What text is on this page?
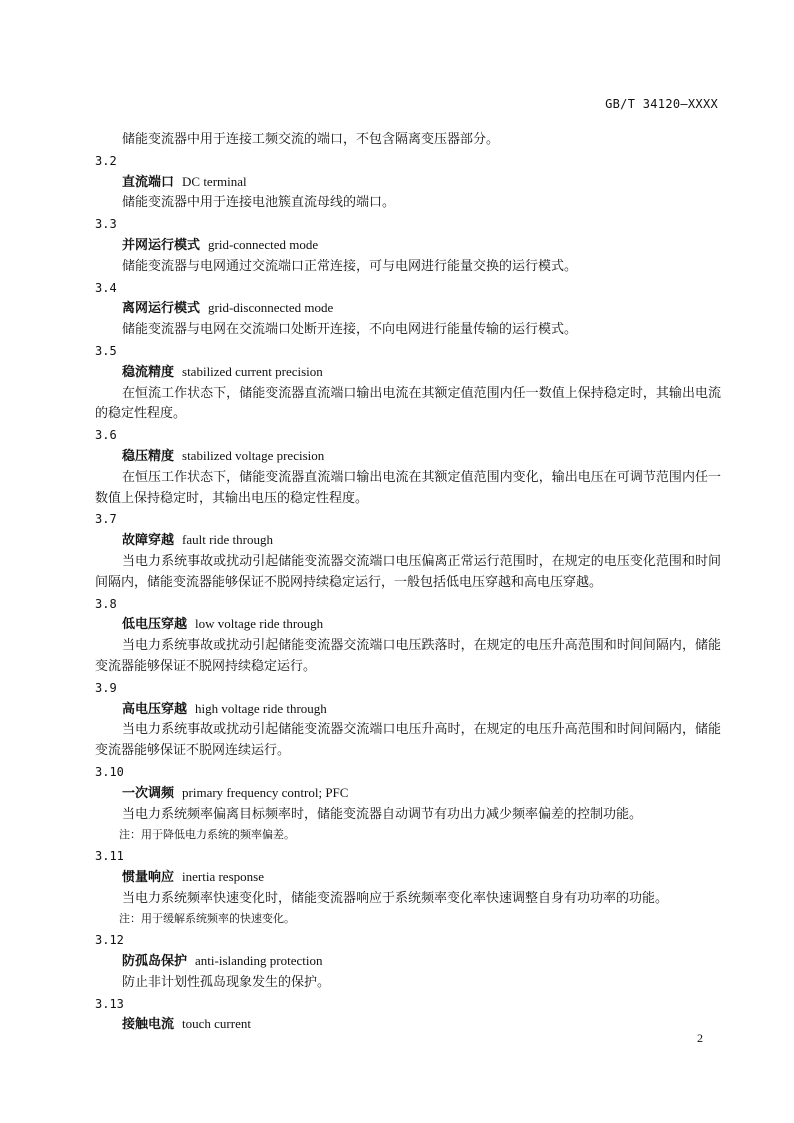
GB/T 34120—XXXX
储能变流器中用于连接工频交流的端口，不包含隔离变压器部分。
3.2
直流端口 DC terminal
储能变流器中用于连接电池簇直流母线的端口。
3.3
并网运行模式 grid-connected mode
储能变流器与电网通过交流端口正常连接，可与电网进行能量交换的运行模式。
3.4
离网运行模式 grid-disconnected mode
储能变流器与电网在交流端口处断开连接，不向电网进行能量传输的运行模式。
3.5
稳流精度 stabilized current precision
在恒流工作状态下，储能变流器直流端口输出电流在其额定值范围内任一数值上保持稳定时，其输出电流的稳定性程度。
3.6
稳压精度 stabilized voltage precision
在恒压工作状态下，储能变流器直流端口输出电流在其额定值范围内变化，输出电压在可调节范围内任一数值上保持稳定时，其输出电压的稳定性程度。
3.7
故障穿越 fault ride through
当电力系统事故或扰动引起储能变流器交流端口电压偏离正常运行范围时，在规定的电压变化范围和时间间隔内，储能变流器能够保证不脱网持续稳定运行，一般包括低电压穿越和高电压穿越。
3.8
低电压穿越 low voltage ride through
当电力系统事故或扰动引起储能变流器交流端口电压跌落时，在规定的电压升高范围和时间间隔内，储能变流器能够保证不脱网持续稳定运行。
3.9
高电压穿越 high voltage ride through
当电力系统事故或扰动引起储能变流器交流端口电压升高时，在规定的电压升高范围和时间间隔内，储能变流器能够保证不脱网连续运行。
3.10
一次调频 primary frequency control; PFC
当电力系统频率偏离目标频率时，储能变流器自动调节有功出力减少频率偏差的控制功能。
注：用于降低电力系统的频率偏差。
3.11
惯量响应 inertia response
当电力系统频率快速变化时，储能变流器响应于系统频率变化率快速调整自身有功功率的功能。
注：用于缓解系统频率的快速变化。
3.12
防孤岛保护 anti-islanding protection
防止非计划性孤岛现象发生的保护。
3.13
接触电流 touch current
2
